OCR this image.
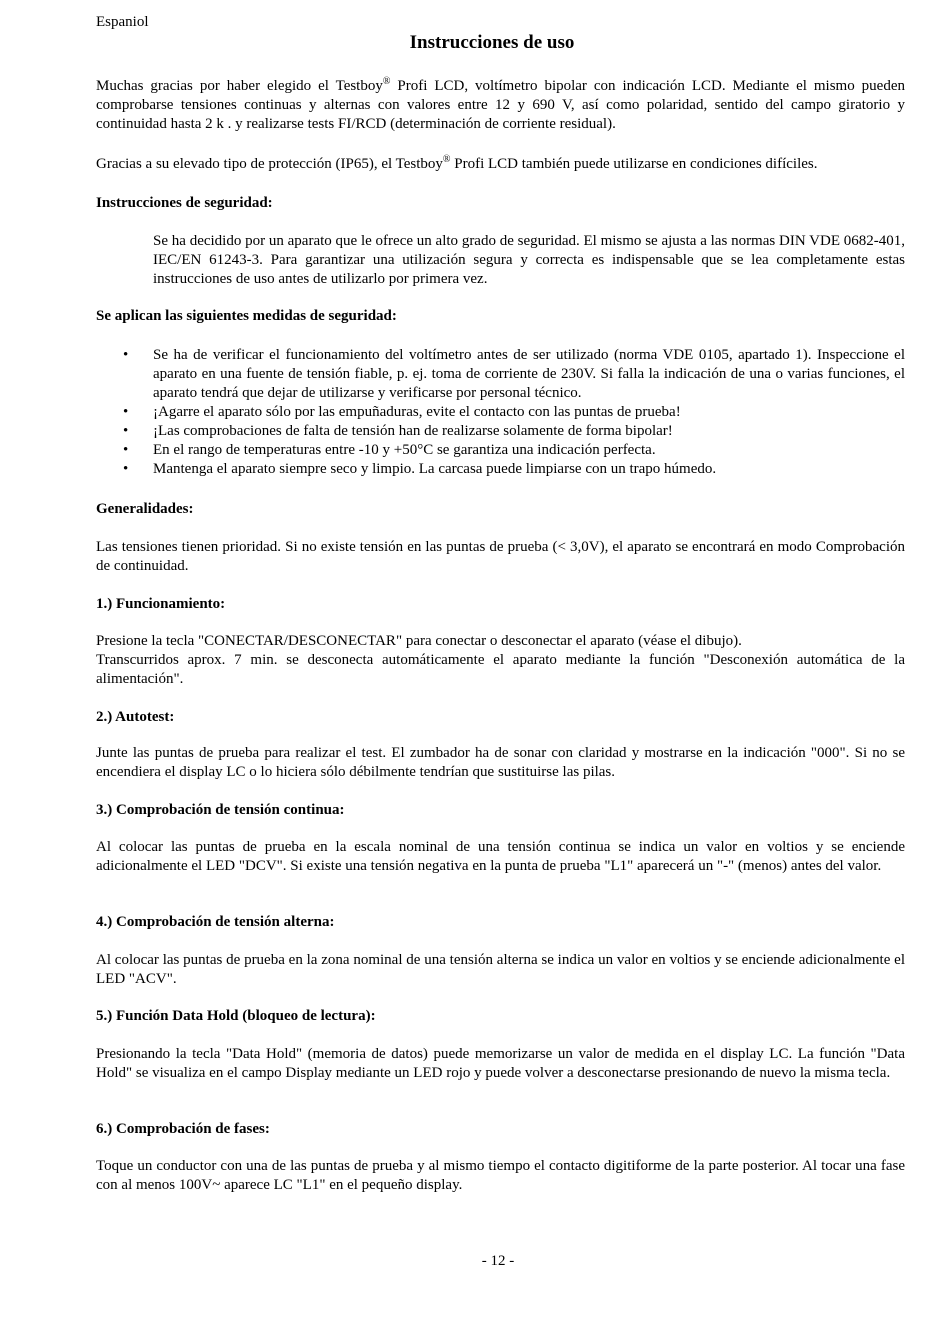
Espaniol
Instrucciones de uso

Muchas gracias por haber elegido el Testboy® Profi LCD, voltímetro bipolar con indicación LCD. Mediante el mismo pueden comprobarse tensiones continuas y alternas con valores entre 12 y 690 V, así como polaridad, sentido del campo giratorio y continuidad hasta 2 k . y realizarse tests FI/RCD (determinación de corriente residual).

Gracias a su elevado tipo de protección (IP65), el Testboy® Profi LCD también puede utilizarse en condiciones difíciles.

Instrucciones de seguridad:

Se ha decidido por un aparato que le ofrece un alto grado de seguridad. El mismo se ajusta a las normas DIN VDE 0682-401, IEC/EN 61243-3. Para garantizar una utilización segura y correcta es indispensable que se lea completamente estas instrucciones de uso antes de utilizarlo por primera vez.

Se aplican las siguientes medidas de seguridad:
• Se ha de verificar el funcionamiento del voltímetro antes de ser utilizado (norma VDE 0105, apartado 1). Inspeccione el aparato en una fuente de tensión fiable, p. ej. toma de corriente de 230V. Si falla la indicación de una o varias funciones, el aparato tendrá que dejar de utilizarse y verificarse por personal técnico.
• ¡Agarre el aparato sólo por las empuñaduras, evite el contacto con las puntas de prueba!
• ¡Las comprobaciones de falta de tensión han de realizarse solamente de forma bipolar!
• En el rango de temperaturas entre -10 y +50°C se garantiza una indicación perfecta.
• Mantenga el aparato siempre seco y limpio. La carcasa puede limpiarse con un trapo húmedo.
Generalidades:

Las tensiones tienen prioridad. Si no existe tensión en las puntas de prueba (< 3,0V), el aparato se encontrará en modo Comprobación de continuidad.

1.) Funcionamiento:

Presione la tecla "CONECTAR/DESCONECTAR" para conectar o desconectar el aparato (véase el dibujo).

Transcurridos aprox. 7 min. se desconecta automáticamente el aparato mediante la función "Desconexión automática de la alimentación".

2.) Autotest:

Junte las puntas de prueba para realizar el test. El zumbador ha de sonar con claridad y mostrarse en la indicación "000". Si no se encendiera el display LC o lo hiciera sólo débilmente tendrían que sustituirse las pilas.

3.) Comprobación de tensión continua:

Al colocar las puntas de prueba en la escala nominal de una tensión continua se indica un valor en voltios y se enciende adicionalmente el LED "DCV". Si existe una tensión negativa en la punta de prueba "L1" aparecerá un "-" (menos) antes del valor.

4.) Comprobación de tensión alterna:

Al colocar las puntas de prueba en la zona nominal de una tensión alterna se indica un valor en voltios y se enciende adicionalmente el LED "ACV".

5.) Función Data Hold (bloqueo de lectura):

Presionando la tecla "Data Hold" (memoria de datos) puede memorizarse un valor de medida en el display LC. La función "Data Hold" se visualiza en el campo Display mediante un LED rojo y puede volver a desconectarse presionando de nuevo la misma tecla.

6.) Comprobación de fases:

Toque un conductor con una de las puntas de prueba y al mismo tiempo el contacto digitiforme de la parte posterior. Al tocar una fase con al menos 100V~ aparece LC "L1" en el pequeño display.

- 12 -
